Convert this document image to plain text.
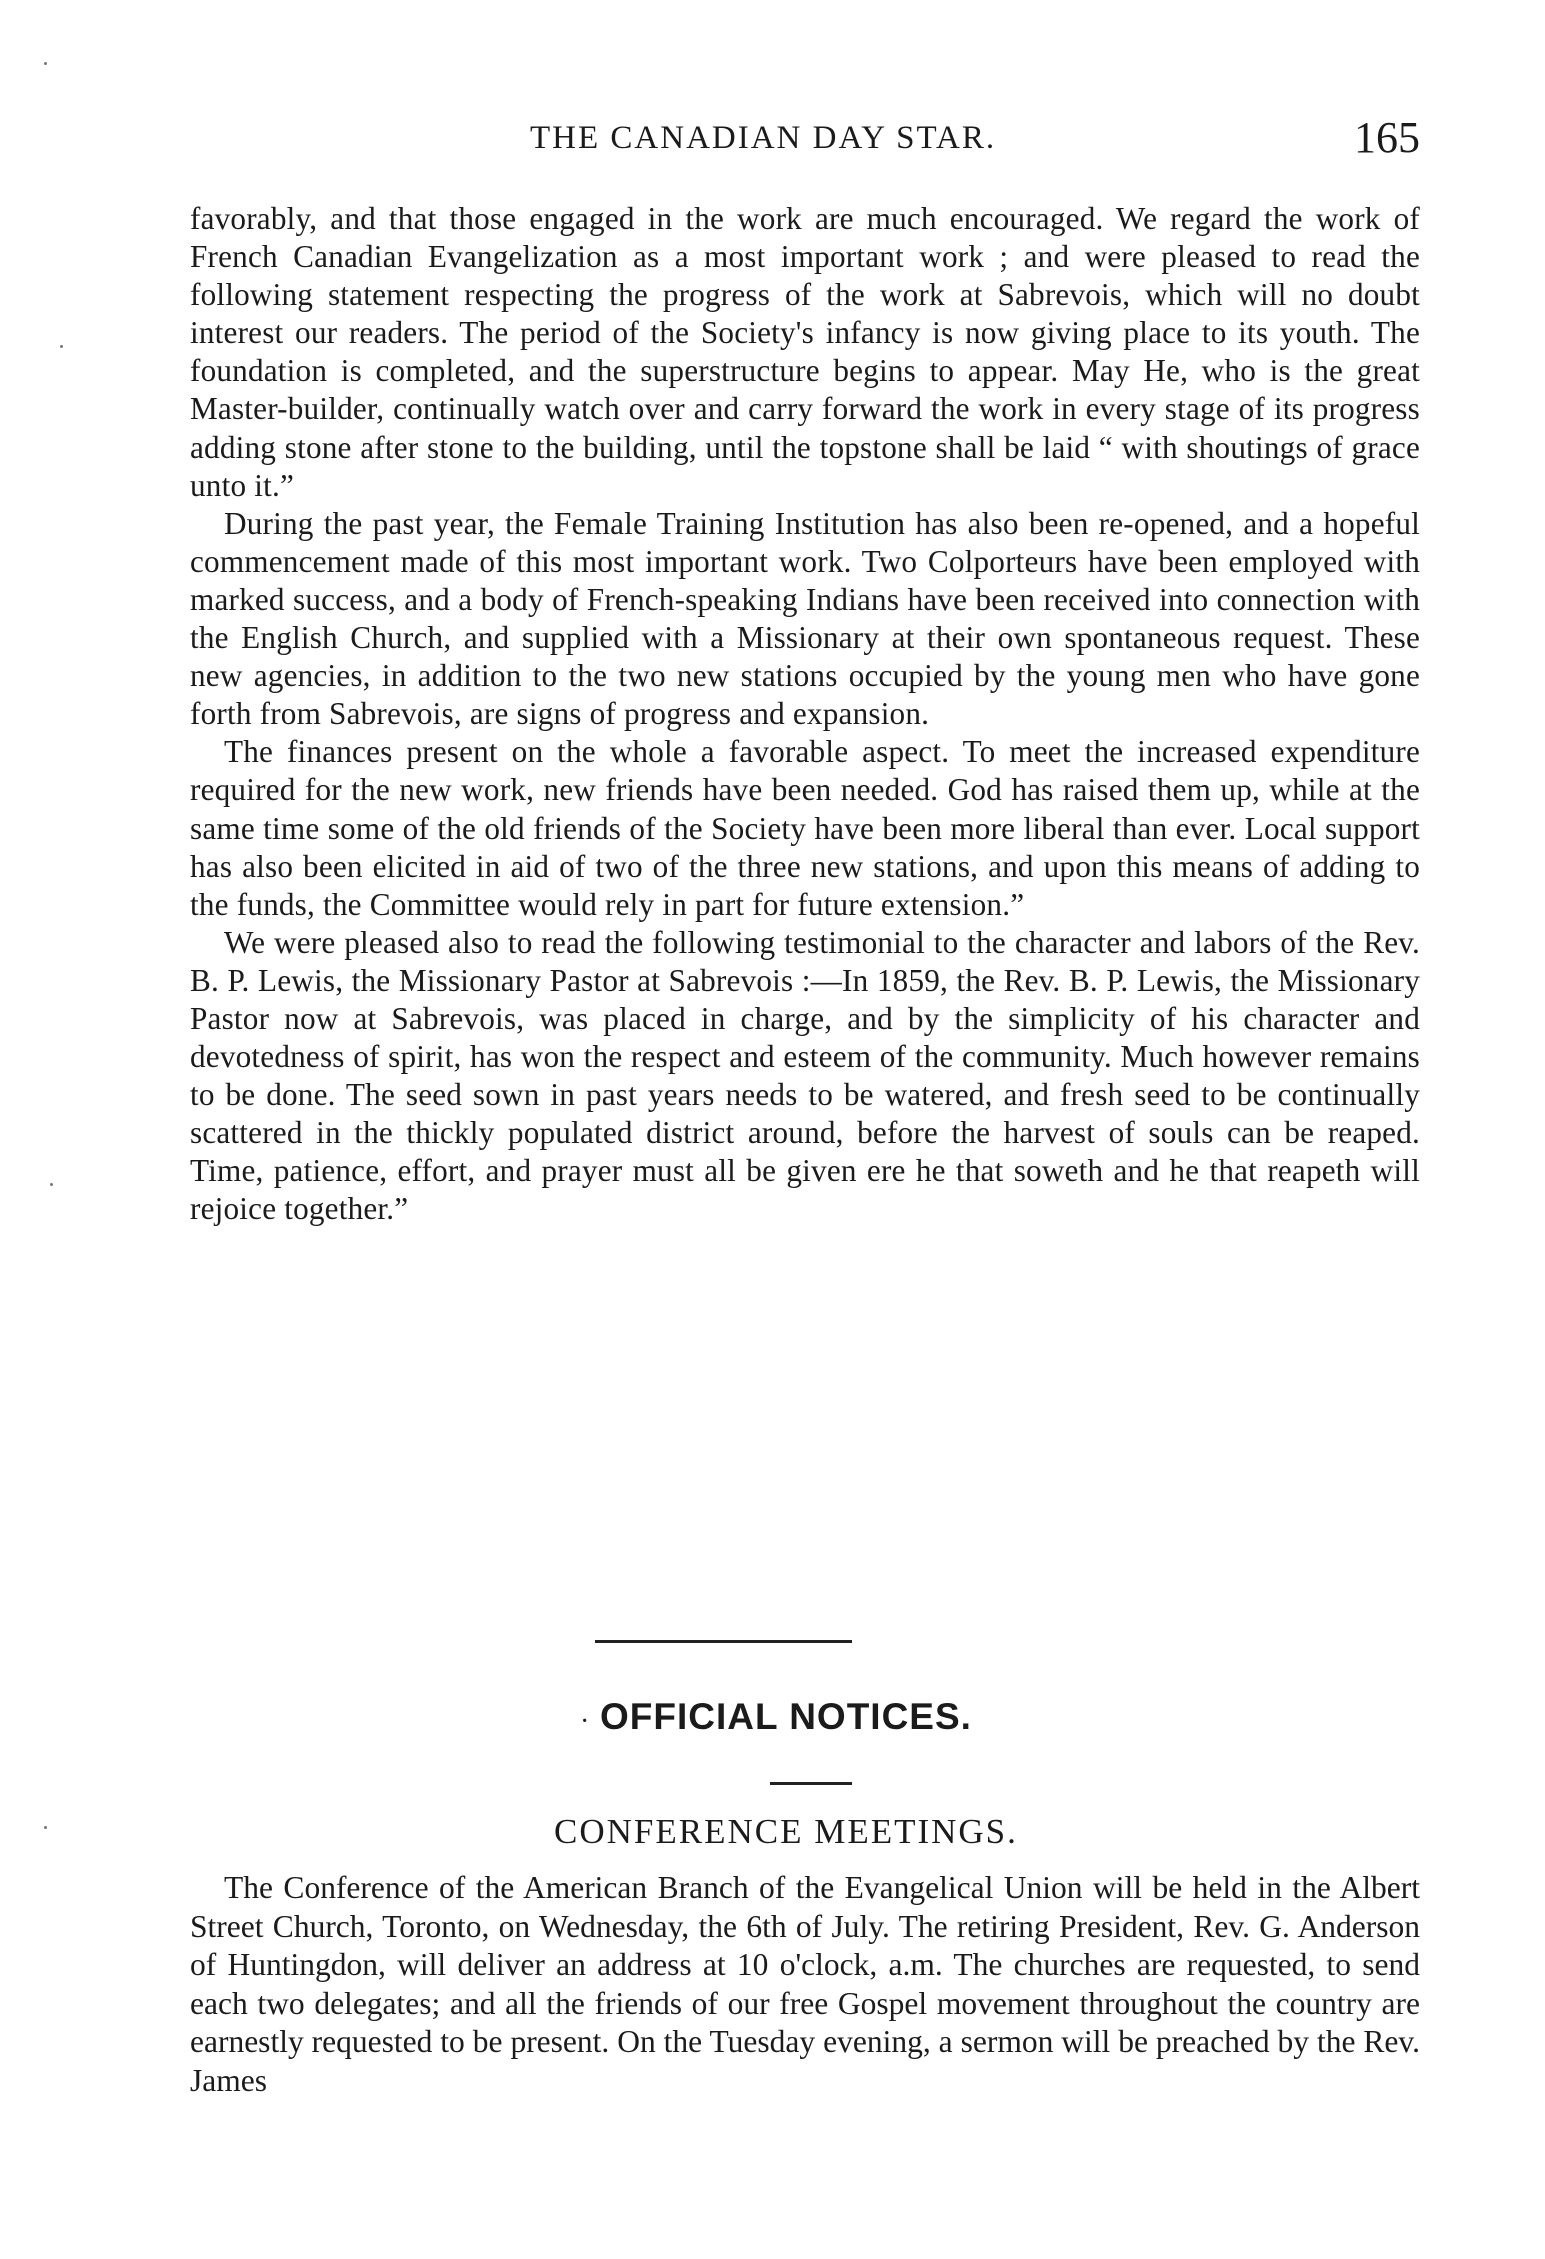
THE CANADIAN DAY STAR.	165

favorably, and that those engaged in the work are much encouraged. We regard the work of French Canadian Evangelization as a most important work ; and were pleased to read the following statement respecting the progress of the work at Sabrevois, which will no doubt interest our readers. The period of the Society's infancy is now giving place to its youth. The foundation is completed, and the superstructure begins to appear. May He, who is the great Master-builder, continually watch over and carry forward the work in every stage of its progress adding stone after stone to the building, until the topstone shall be laid “ with shoutings of grace unto it.”

During the past year, the Female Training Institution has also been re-opened, and a hopeful commencement made of this most important work. Two Colporteurs have been employed with marked success, and a body of French-speaking Indians have been received into connection with the English Church, and supplied with a Missionary at their own spontaneous request. These new agencies, in addition to the two new stations occupied by the young men who have gone forth from Sabrevois, are signs of progress and expansion.

The finances present on the whole a favorable aspect. To meet the increased expenditure required for the new work, new friends have been needed. God has raised them up, while at the same time some of the old friends of the Society have been more liberal than ever. Local support has also been elicited in aid of two of the three new stations, and upon this means of adding to the funds, the Committee would rely in part for future extension.”

We were pleased also to read the following testimonial to the character and labors of the Rev. B. P. Lewis, the Missionary Pastor at Sabrevois :—In 1859, the Rev. B. P. Lewis, the Missionary Pastor now at Sabrevois, was placed in charge, and by the simplicity of his character and devotedness of spirit, has won the respect and esteem of the community. Much however remains to be done. The seed sown in past years needs to be watered, and fresh seed to be continually scattered in the thickly populated district around, before the harvest of souls can be reaped. Time, patience, effort, and prayer must all be given ere he that soweth and he that reapeth will rejoice together.”

· OFFICIAL NOTICES.
CONFERENCE MEETINGS.

The Conference of the American Branch of the Evangelical Union will be held in the Albert Street Church, Toronto, on Wednesday, the 6th of July. The retiring President, Rev. G. Anderson of Huntingdon, will deliver an address at 10 o'clock, a.m. The churches are requested, to send each two delegates; and all the friends of our free Gospel movement throughout the country are earnestly requested to be present. On the Tuesday evening, a sermon will be preached by the Rev. James
